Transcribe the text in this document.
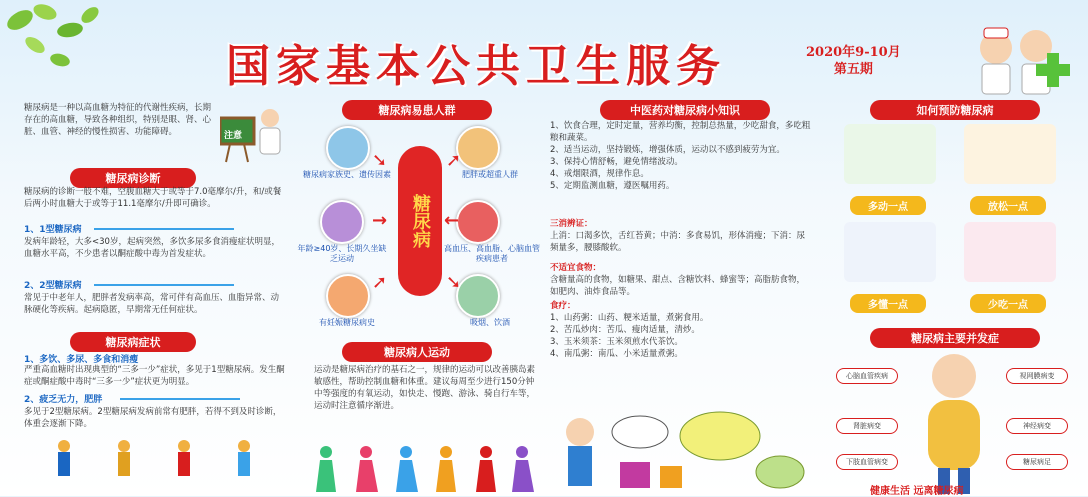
国家基本公共卫生服务	2020年9-10月
第五期
糖尿病是一种以高血糖为特征的代谢性疾病，长期存在的高血糖，导致各种组织，特别是眼、肾、心脏、血管、神经的慢性损害、功能障碍。	注意
糖尿病诊断
糖尿病的诊断一般不难，空腹血糖大于或等于7.0毫摩尔/升，和/或餐后两小时血糖大于或等于11.1毫摩尔/升即可确诊。
1、1型糖尿病
发病年龄轻，大多<30岁，起病突然，多饮多尿多食消瘦症状明显，血糖水平高，不少患者以酮症酸中毒为首发症状。
2、2型糖尿病
常见于中老年人，肥胖者发病率高，常可伴有高血压、血脂异常、动脉硬化等疾病。起病隐匿，早期常无任何症状。
糖尿病症状
1、多饮、多尿、多食和消瘦
严重高血糖时出现典型的“三多一少”症状，多见于1型糖尿病。发生酮症或酮症酸中毒时“三多一少”症状更为明显。
2、疲乏无力，肥胖
多见于2型糖尿病。2型糖尿病发病前常有肥胖，若得不到及时诊断，体重会逐渐下降。
糖尿病易患人群
糖尿病
糖尿病家族史、遗传因素	肥胖或超重人群
年龄≥40岁、长期久坐缺乏运动
高血压、高血脂、心脑血管疾病患者
有妊娠糖尿病史	吸烟、饮酒
➘	➚
→	←
➚	➘
糖尿病人运动
运动是糖尿病治疗的基石之一，规律的运动可以改善胰岛素敏感性，帮助控制血糖和体重。建议每周至少进行150分钟中等强度的有氧运动，如快走、慢跑、游泳、骑自行车等，运动时注意循序渐进。
中医药对糖尿病小知识
1、饮食合理，定时定量，营养均衡，控制总热量，少吃甜食，多吃粗粮和蔬菜。
2、适当运动，坚持锻炼，增强体质，运动以不感到疲劳为宜。
3、保持心情舒畅，避免情绪波动。
4、戒烟限酒，规律作息。
5、定期监测血糖，遵医嘱用药。
三消辨证：
上消：口渴多饮，舌红苔黄；中消：多食易饥，形体消瘦；下消：尿频量多，腰膝酸软。
不适宜食物：
含糖量高的食物，如糖果、甜点、含糖饮料、蜂蜜等；高脂肪食物，如肥肉、油炸食品等。
食疗：
1、山药粥：山药、粳米适量，煮粥食用。
2、苦瓜炒肉：苦瓜、瘦肉适量，清炒。
3、玉米须茶：玉米须煎水代茶饮。
4、南瓜粥：南瓜、小米适量煮粥。
如何预防糖尿病
多动一点	放松一点
多懂一点	少吃一点
糖尿病主要并发症
心脑血管疾病	视网膜病变
肾脏病变	神经病变
下肢血管病变	糖尿病足
健康生活 远离糖尿病
